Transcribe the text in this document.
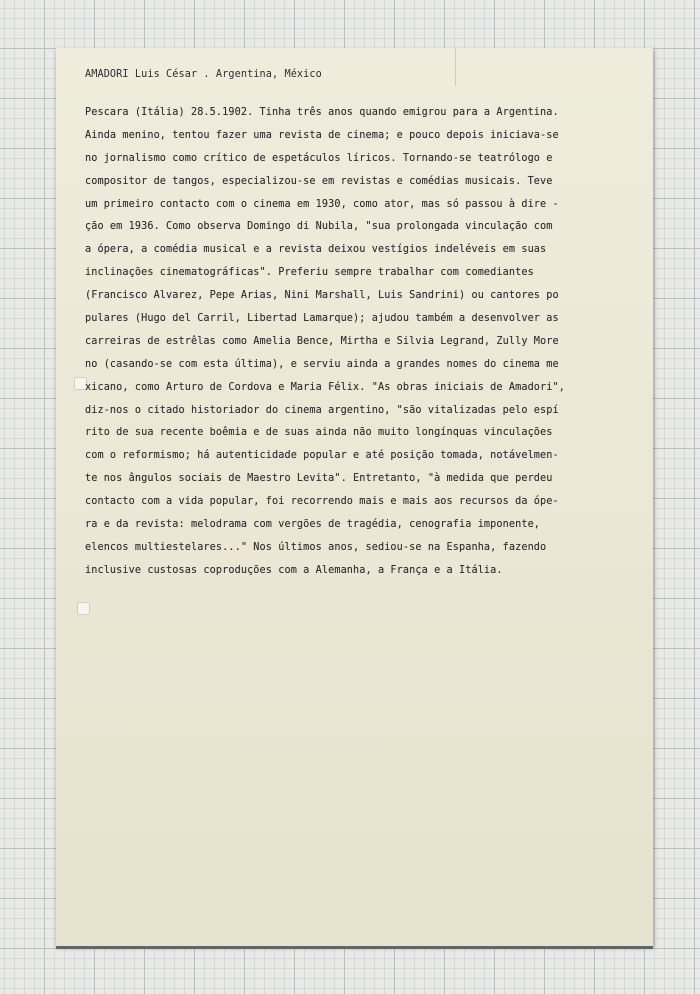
AMADORI Luis César . Argentina, México
Pescara (Itália) 28.5.1902. Tinha três anos quando emigrou para a Argentina.
Ainda menino, tentou fazer uma revista de cinema; e pouco depois iniciava-se
no jornalismo como crítico de espetáculos líricos. Tornando-se teatrólogo e
compositor de tangos, especializou-se em revistas e comédias musicais. Teve
um primeiro contacto com o cinema em 1930, como ator, mas só passou à dire -
ção em 1936. Como observa Domingo di Nubila, "sua prolongada vinculação com
a ópera, a comédia musical e a revista deixou vestígios indeléveis em suas
inclinações cinematográficas". Preferiu sempre trabalhar com comediantes
(Francisco Alvarez, Pepe Arias, Nini Marshall, Luis Sandrini) ou cantores po
pulares (Hugo del Carril, Libertad Lamarque); ajudou também a desenvolver as
carreiras de estrêlas como Amelia Bence, Mirtha e Silvia Legrand, Zully More
no (casando-se com esta última), e serviu ainda a grandes nomes do cinema me
xicano, como Arturo de Cordova e Maria Félix. "As obras iniciais de Amadori",
diz-nos o citado historiador do cinema argentino, "são vitalizadas pelo espí
rito de sua recente boêmia e de suas ainda não muito longínquas vinculações
com o reformismo; há autenticidade popular e até posição tomada, notávelmen-
te nos ângulos sociais de Maestro Levita". Entretanto, "à medida que perdeu
contacto com a vida popular, foi recorrendo mais e mais aos recursos da ópe-
ra e da revista: melodrama com vergões de tragédia, cenografia imponente,
elencos multiestelares..." Nos últimos anos, sediou-se na Espanha, fazendo
inclusive custosas coproduções com a Alemanha, a França e a Itália.
